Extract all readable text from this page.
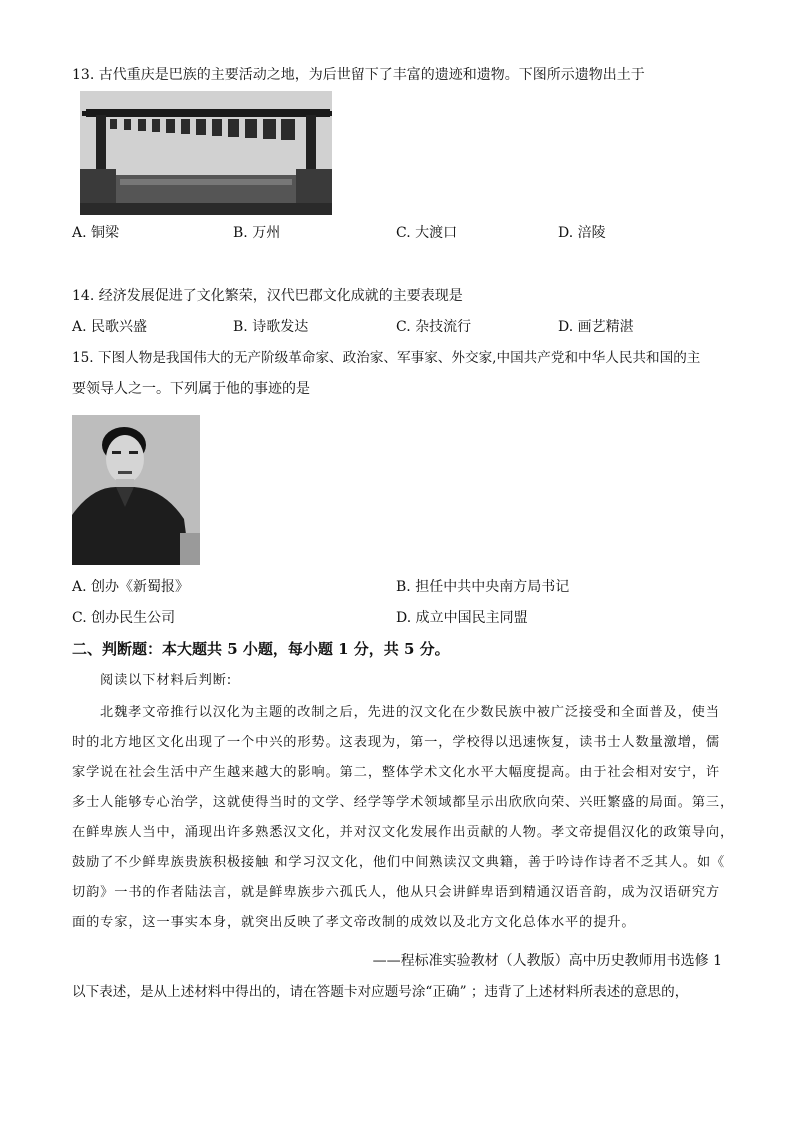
13. 古代重庆是巴族的主要活动之地，为后世留下了丰富的遗迹和遗物。下图所示遗物出土于
A. 铜梁	B. 万州	C. 大渡口	D. 涪陵
14. 经济发展促进了文化繁荣，汉代巴郡文化成就的主要表现是
A. 民歌兴盛	B. 诗歌发达	C. 杂技流行	D. 画艺精湛
15. 下图人物是我国伟大的无产阶级革命家、政治家、军事家、外交家,中国共产党和中华人民共和国的主
要领导人之一。下列属于他的事迹的是
A. 创办《新蜀报》	B. 担任中共中央南方局书记
C. 创办民生公司	D. 成立中国民主同盟
二、判断题：本大题共 5 小题，每小题 1 分，共 5 分。
阅读以下材料后判断:
北魏孝文帝推行以汉化为主题的改制之后，先进的汉文化在少数民族中被广泛接受和全面普及，使当
时的北方地区文化出现了一个中兴的形势。这表现为，第一，学校得以迅速恢复，读书士人数量激增，儒
家学说在社会生活中产生越来越大的影响。第二，整体学术文化水平大幅度提高。由于社会相对安宁，许
多士人能够专心治学，这就使得当时的文学、经学等学术领域都呈示出欣欣向荣、兴旺繁盛的局面。第三，
在鲜卑族人当中，涌现出许多熟悉汉文化，并对汉文化发展作出贡献的人物。孝文帝提倡汉化的政策导向，
鼓励了不少鲜卑族贵族积极接触 和学习汉文化，他们中间熟读汉文典籍，善于吟诗作诗者不乏其人。如《
切韵》一书的作者陆法言，就是鲜卑族步六孤氏人，他从只会讲鲜卑语到精通汉语音韵，成为汉语研究方
面的专家，这一事实本身，就突出反映了孝文帝改制的成效以及北方文化总体水平的提升。
——程标准实验教材（人教版）高中历史教师用书选修 1
以下表述，是从上述材料中得出的，请在答题卡对应题号涂“正确” ；违背了上述材料所表述的意思的，
